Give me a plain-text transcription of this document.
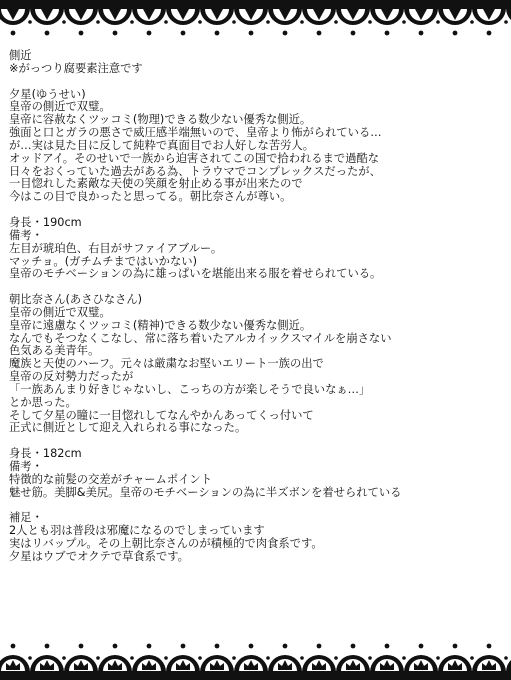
側近
※がっつり腐要素注意です
夕星(ゆうせい)
皇帝の側近で双璧。
皇帝に容赦なくツッコミ(物理)できる数少ない優秀な側近。
強面と口とガラの悪さで威圧感半端無いので、皇帝より怖がられている…
が…実は見た目に反して純粋で真面目でお人好しな苦労人。
オッドアイ。そのせいで一族から迫害されてこの国で拾われるまで過酷な
日々をおくっていた過去がある為、トラウマでコンプレックスだったが、
一目惚れした素敵な天使の笑顔を射止める事が出来たので
今はこの目で良かったと思ってる。朝比奈さんが尊い。
身長・190cm
備考・
左目が琥珀色、右目がサファイアブルー。
マッチョ。(ガチムチまではいかない)
皇帝のモチベーションの為に雄っぱいを堪能出来る服を着せられている。
朝比奈さん(あさひなさん)
皇帝の側近で双璧。
皇帝に遠慮なくツッコミ(精神)できる数少ない優秀な側近。
なんでもそつなくこなし、常に落ち着いたアルカイックスマイルを崩さない
色気ある美青年。
魔族と天使のハーフ。元々は厳粛なお堅いエリート一族の出で
皇帝の反対勢力だったが
「一族あんまり好きじゃないし、こっちの方が楽しそうで良いなぁ…」
とか思った。
そして夕星の瞳に一目惚れしてなんやかんあってくっ付いて
正式に側近として迎え入れられる事になった。
身長・182cm
備考・
特徴的な前髪の交差がチャームポイント
魅せ筋。美脚&美尻。皇帝のモチベーションの為に半ズボンを着せられている
補足・
2人とも羽は普段は邪魔になるのでしまっています
実はリバップル。その上朝比奈さんのが積極的で肉食系です。
夕星はウブでオクテで草食系です。
